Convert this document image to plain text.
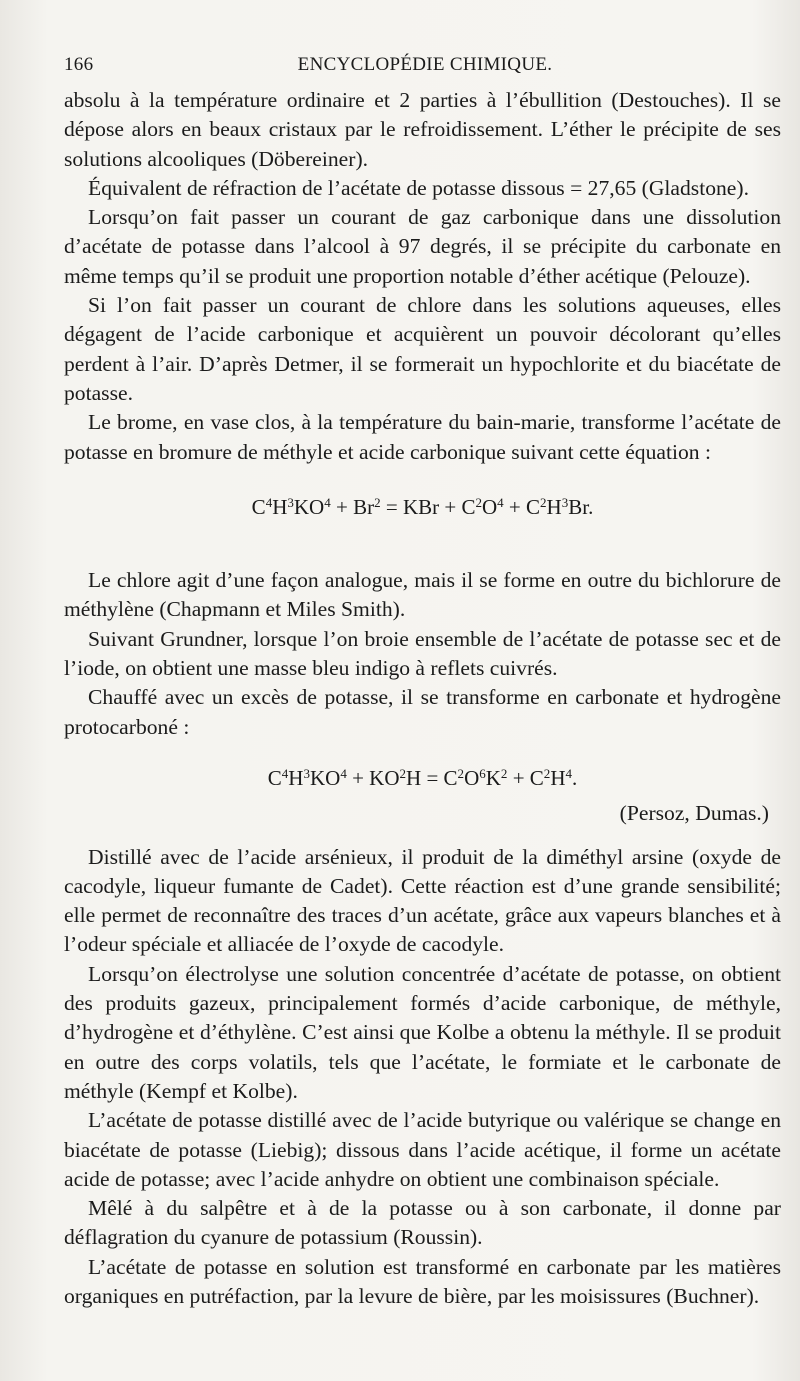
166	ENCYCLOPÉDIE CHIMIQUE.

absolu à la température ordinaire et 2 parties à l’ébullition (Destouches). Il se dépose alors en beaux cristaux par le refroidissement. L’éther le précipite de ses solutions alcooliques (Döbereiner).

Équivalent de réfraction de l’acétate de potasse dissous = 27,65 (Gladstone).

Lorsqu’on fait passer un courant de gaz carbonique dans une dissolution d’acétate de potasse dans l’alcool à 97 degrés, il se précipite du carbonate en même temps qu’il se produit une proportion notable d’éther acétique (Pelouze).

Si l’on fait passer un courant de chlore dans les solutions aqueuses, elles dégagent de l’acide carbonique et acquièrent un pouvoir décolorant qu’elles perdent à l’air. D’après Detmer, il se formerait un hypochlorite et du biacétate de potasse.

Le brome, en vase clos, à la température du bain-marie, transforme l’acétate de potasse en bromure de méthyle et acide carbonique suivant cette équation :

$C^4H^3KO^4 + Br^2$ = KBr + $C^2O^4 + C^2H^3Br$.

Le chlore agit d’une façon analogue, mais il se forme en outre du bichlorure de méthylène (Chapmann et Miles Smith).

Suivant Grundner, lorsque l’on broie ensemble de l’acétate de potasse sec et de l’iode, on obtient une masse bleu indigo à reflets cuivrés.

Chauffé avec un excès de potasse, il se transforme en carbonate et hydrogène protocarboné :

$C^4H^3KO^4 + KO^2H = C^2O^6K^2 + C^2H^4$.
(Persoz, Dumas.)

Distillé avec de l’acide arsénieux, il produit de la diméthyl arsine (oxyde de cacodyle, liqueur fumante de Cadet). Cette réaction est d’une grande sensibilité; elle permet de reconnaître des traces d’un acétate, grâce aux vapeurs blanches et à l’odeur spéciale et alliacée de l’oxyde de cacodyle.

Lorsqu’on électrolyse une solution concentrée d’acétate de potasse, on obtient des produits gazeux, principalement formés d’acide carbonique, de méthyle, d’hydrogène et d’éthylène. C’est ainsi que Kolbe a obtenu la méthyle. Il se produit en outre des corps volatils, tels que l’acétate, le formiate et le carbonate de méthyle (Kempf et Kolbe).

L’acétate de potasse distillé avec de l’acide butyrique ou valérique se change en biacétate de potasse (Liebig); dissous dans l’acide acétique, il forme un acétate acide de potasse; avec l’acide anhydre on obtient une combinaison spéciale.

Mêlé à du salpêtre et à de la potasse ou à son carbonate, il donne par déflagration du cyanure de potassium (Roussin).

L’acétate de potasse en solution est transformé en carbonate par les matières organiques en putréfaction, par la levure de bière, par les moisissures (Buchner).
